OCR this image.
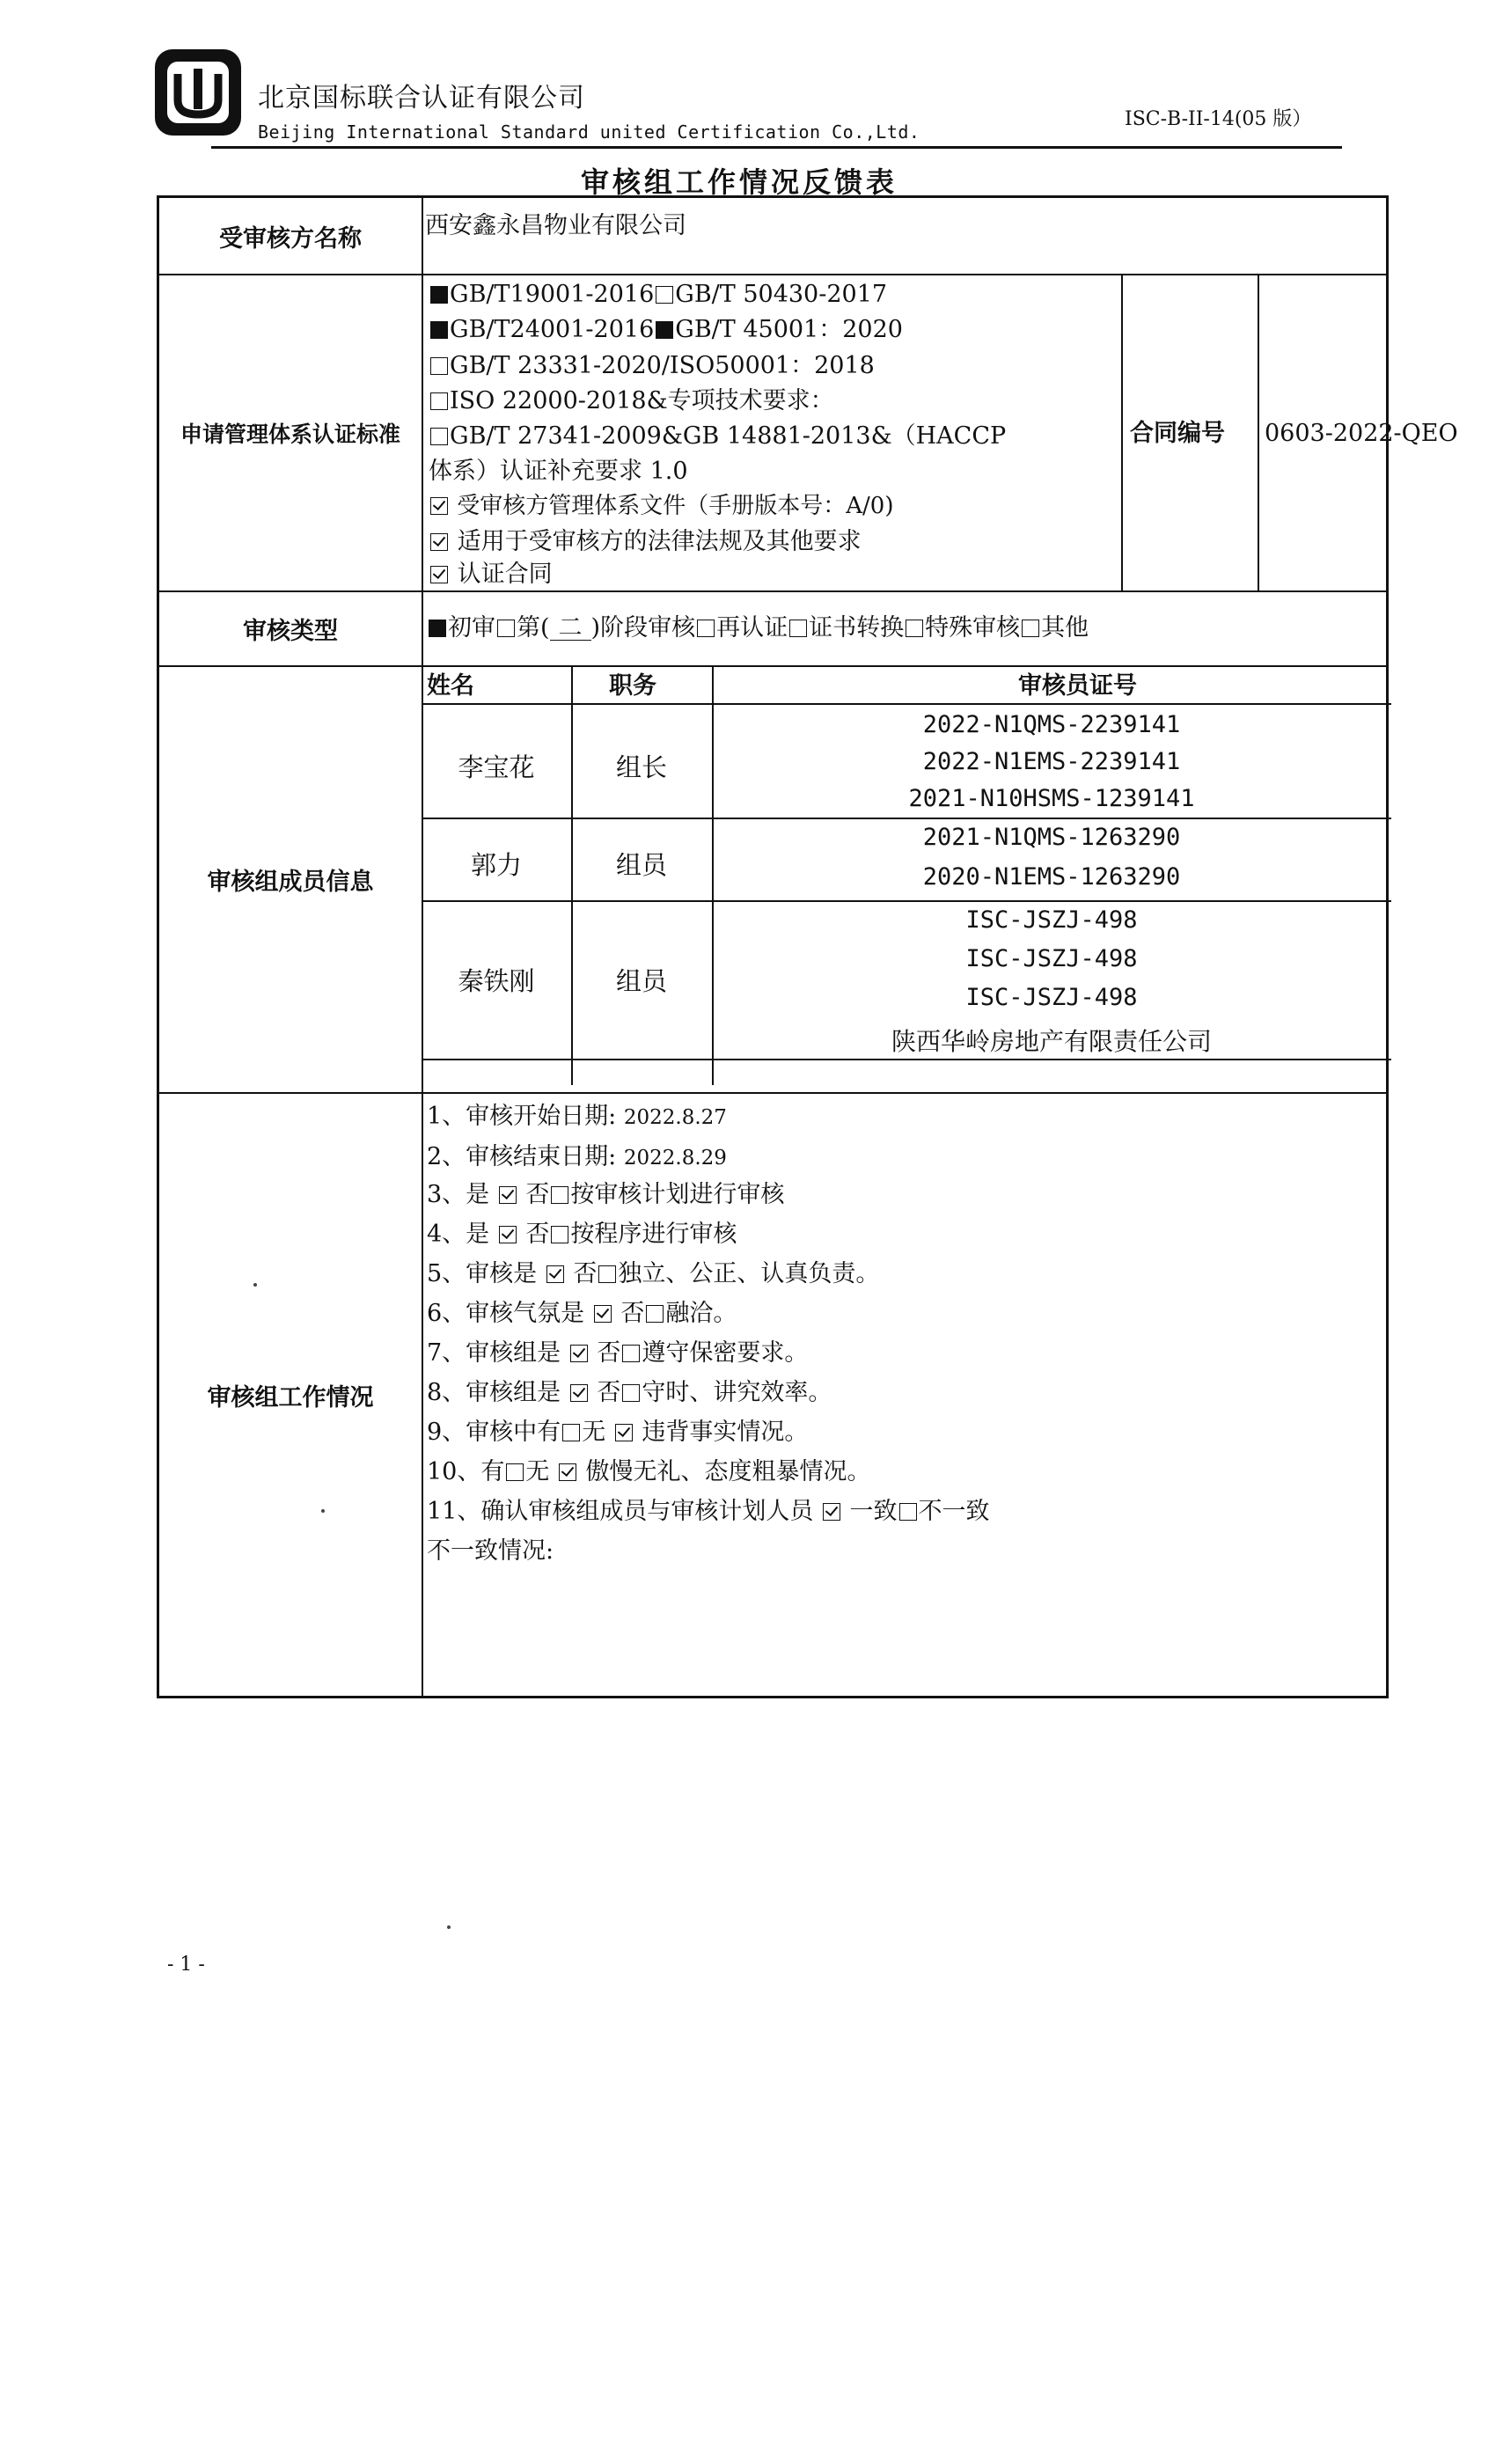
北京国标联合认证有限公司
Beijing International Standard united Certification Co.,Ltd.
ISC-B-II-14(05 版）
审核组工作情况反馈表
受审核方名称	西安鑫永昌物业有限公司
申请管理体系认证标准
GB/T19001-2016 GB/T 50430-2017
GB/T24001-2016 GB/T 45001：2020
GB/T 23331-2020/ISO50001：2018
ISO 22000-2018&专项技术要求：
GB/T 27341-2009&GB 14881-2013&（HACCP
体系）认证补充要求 1.0
受审核方管理体系文件（手册版本号：A/0)
适用于受审核方的法律法规及其他要求
认证合同
合同编号 0603-2022-QEO
审核类型	初审 第( 二 )阶段审核 再认证 证书转换 特殊审核 其他
审核组成员信息
姓名	职务	审核员证号
李宝花	组长
2022-N1QMS-2239141
2022-N1EMS-2239141
2021-N10HSMS-1239141
郭力	组员
2021-N1QMS-1263290
2020-N1EMS-1263290
秦铁刚	组员
ISC-JSZJ-498
ISC-JSZJ-498
ISC-JSZJ-498
陕西华岭房地产有限责任公司
审核组工作情况
1、审核开始日期: 2022.8.27
2、审核结束日期: 2022.8.29
3、是 否 按审核计划进行审核
4、是 否 按程序进行审核
5、审核是 否 独立、公正、认真负责。
6、审核气氛是 否 融洽。
7、审核组是 否 遵守保密要求。
8、审核组是 否 守时、讲究效率。
9、审核中有 无  违背事实情况。
10、有 无  傲慢无礼、态度粗暴情况。
11、确认审核组成员与审核计划人员  一致 不一致
不一致情况:
- 1 -
